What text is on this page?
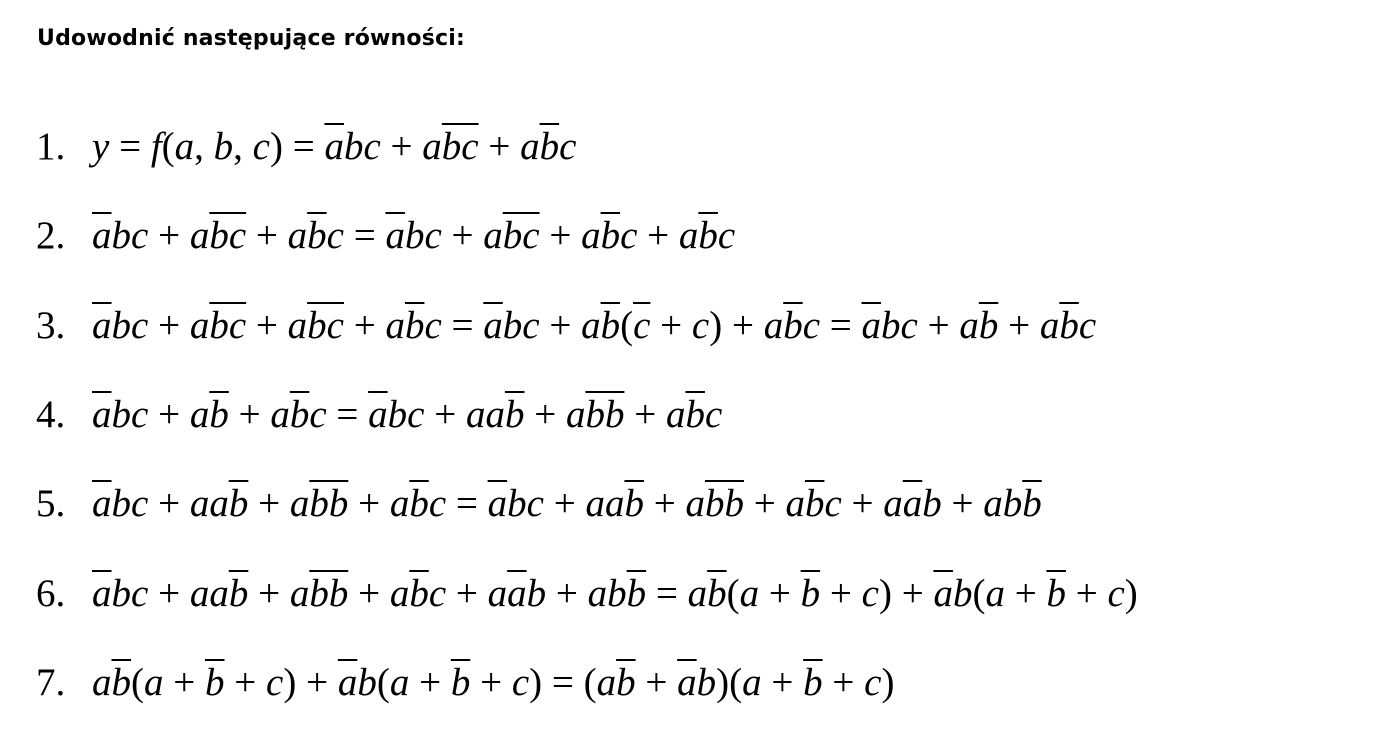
Udowodnić następujące równości:
1. y = f(a, b, $c) = \overline{a}bc + a\overline{bc} + a\overline{b}c$
2. $\overline{a}bc + a\overline{bc} + a\overline{b}c = \overline{a}bc + a\overline{bc} + a\overline{b}c + a\overline{b}c$
3. $\overline{a}bc + a\overline{bc} + a\overline{bc} + a\overline{b}c = \overline{a}bc + a\overline{b}(\overline{c} + c) + a\overline{b}c = \overline{a}bc + a\overline{b} + a\overline{b}c$
4. $\overline{a}bc + a\overline{b} + a\overline{b}c = \overline{a}bc + aa\overline{b} + a\overline{bb} + a\overline{b}c$
5. $\overline{a}bc + aa\overline{b} + a\overline{bb} + a\overline{b}c = \overline{a}bc + aa\overline{b} + a\overline{bb} + a\overline{b}c + a\overline{a}b + ab\overline{b}$
6. $\overline{a}bc + aa\overline{b} + a\overline{bb} + a\overline{b}c + a\overline{a}b + ab\overline{b} = a\overline{b}(a + \overline{b} + c) + \overline{a}b(a + \overline{b} + c)$
7. $a\overline{b}(a + \overline{b} + c) + \overline{a}b(a + \overline{b} + c) = (a\overline{b} + \overline{a}b)(a + \overline{b} + c)$
